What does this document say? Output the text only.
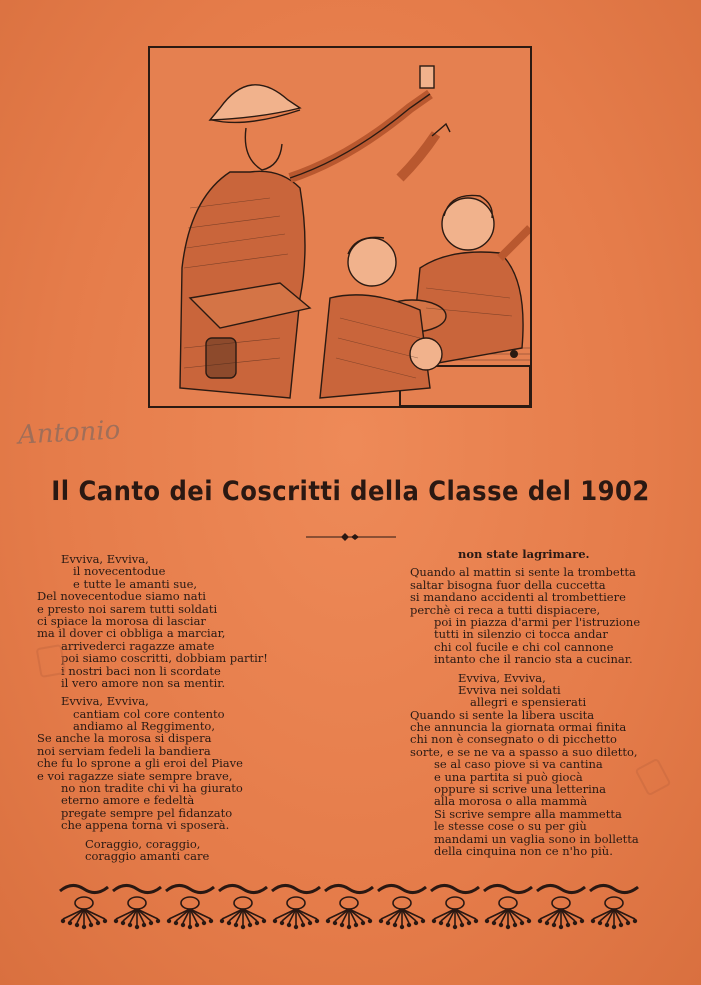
Antonio
Il Canto dei Coscritti della Classe del 1902
Evviva, Evviva,
il novecentodue
e tutte le amanti sue,
Del novecentodue siamo nati
e presto noi sarem tutti soldati
ci spiace la morosa di lasciar
ma il dover ci obbliga a marciar,
arrivederci ragazze amate
poi siamo coscritti, dobbiam partir!
i nostri baci non li scordate
il vero amore non sa mentir.
Evviva, Evviva,
cantiam col core contento
andiamo al Reggimento,
Se anche la morosa si dispera
noi serviam fedeli la bandiera
che fu lo sprone a gli eroi del Piave
e voi ragazze siate sempre brave,
no non tradite chi vi ha giurato
eterno amore e fedeltà
pregate sempre pel fidanzato
che appena torna vi sposerà.
Coraggio, coraggio,
coraggio amanti care
non state lagrimare.
Quando al mattin si sente la trombetta
saltar bisogna fuor della cuccetta
si mandano accidenti al trombettiere
perchè ci reca a tutti dispiacere,
poi in piazza d'armi per l'istruzione
tutti in silenzio ci tocca andar
chi col fucile e chi col cannone
intanto che il rancio sta a cucinar.
Evviva, Evviva,
Evviva nei soldati
allegri e spensierati
Quando si sente la libera uscita
che annuncia la giornata ormai finita
chi non è consegnato o di picchetto
sorte, e se ne va a spasso a suo diletto,
se al caso piove si va cantina
e una partita si può giocà
oppure si scrive una letterina
alla morosa o alla mammà
Si scrive sempre alla mammetta
le stesse cose o su per giù
mandami un vaglia sono in bolletta
della cinquina non ce n'ho più.
